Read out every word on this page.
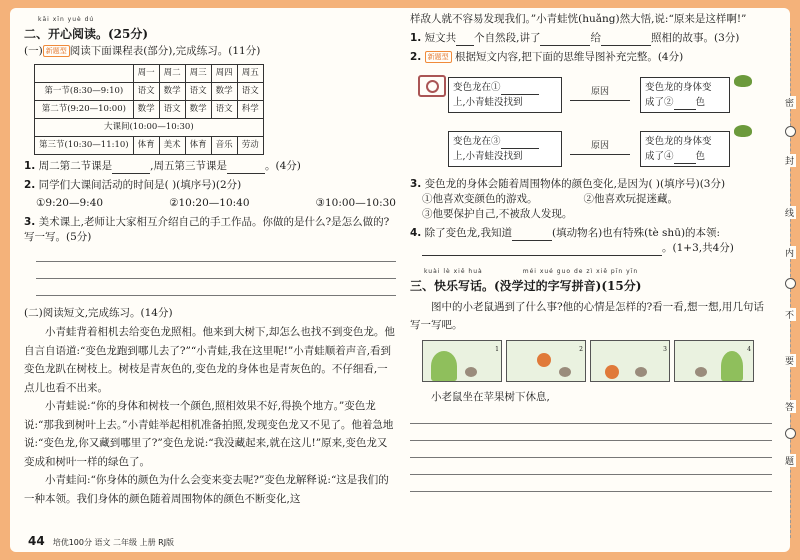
kāi xīn yuè dú
二、开心阅读。(25分)
(一) 新题型 阅读下面课程表(部分),完成练习。(11分)
	周一	周二	周三	周四	周五
第一节(8:30—9:10)	语文	数学	语文	数学	语文
第二节(9:20—10:00)	数学	语文	数学	语文	科学
大课间(10:00—10:30)					
第三节(10:30—11:10)	体育	美术	体育	音乐	劳动
1. 周二第二节课是	,周五第三节课是	。(4分)
2. 同学们大课间活动的时间是( )(填序号)(2分)
①9:20—9:40	②10:20—10:40	③10:00—10:30
3. 美术课上,老师让大家相互介绍自己的手工作品。你做的是什么?是怎么做的?写一写。(5分)
(二)阅读短文,完成练习。(14分)

小青蛙背着相机去给变色龙照相。他来到大树下,却怎么也找不到变色龙。他自言自语道:“变色龙跑到哪儿去了?”“小青蛙,我在这里呢!”小青蛙顺着声音,看到变色龙趴在树枝上。树枝是青灰色的,变色龙的身体也是青灰色的。不仔细看,一点儿也看不出来。

小青蛙说:“你的身体和树枝一个颜色,照相效果不好,得换个地方。”变色龙说:“那我到树叶上去。”小青蛙举起相机准备拍照,发现变色龙又不见了。他着急地说:“变色龙,你又藏到哪里了?”变色龙说:“我没藏起来,就在这儿!”原来,变色龙又变成和树叶一样的绿色了。

小青蛙问:“你身体的颜色为什么会变来变去呢?”变色龙解释说:“这是我们的一种本领。我们身体的颜色随着周围物体的颜色不断变化,这

样敌人就不容易发现我们。”小青蛙恍(huǎng)然大悟,说:“原来是这样啊!”

1. 短文共 个自然段,讲了	给	照相的故事。(3分)
2. 新题型 根据短文内容,把下面的思维导图补充完整。(4分)
变色龙在①
上,小青蛙没找到
原因	变色龙的身体变
成了② 色
变色龙在③
上,小青蛙没找到
原因	变色龙的身体变
成了④ 色
3. 变色龙的身体会随着周围物体的颜色变化,是因为( )(填序号)(3分)
①他喜欢变颜色的游戏。	②他喜欢玩捉迷藏。
③他要保护自己,不被敌人发现。
4. 除了变色龙,我知道	(填动物名)也有特殊(tè shū)的本领:
。(1+3,共4分)
kuài lè xiě huà	méi xué guo de zì xiě pīn yīn
三、快乐写话。(没学过的字写拼音)(15分)

图中的小老鼠遇到了什么事?他的心情是怎样的?看一看,想一想,用几句话写一写吧。

1	2	3	4

小老鼠坐在苹果树下休息,

密
封
线
内
不
要
答
题
44 培优100分 语文 二年级 上册 RJ版
